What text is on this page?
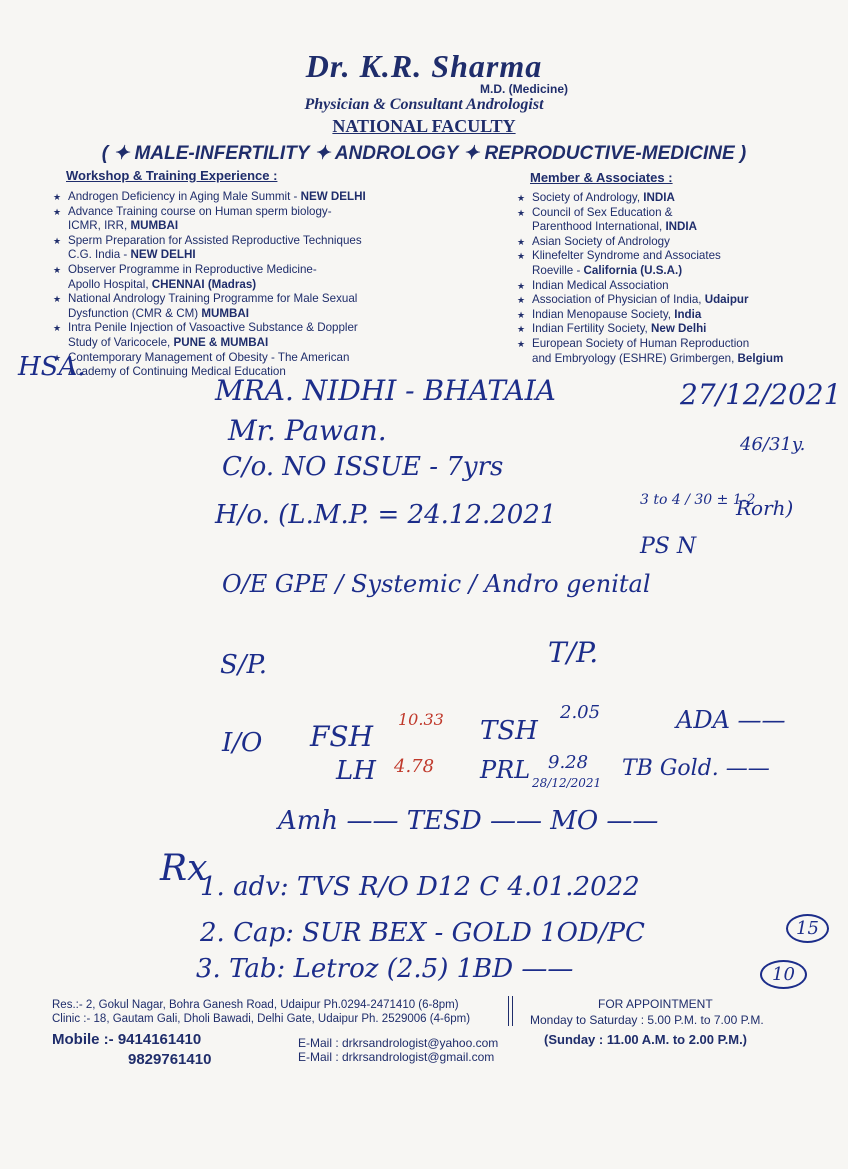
Dr. K.R. Sharma
M.D. (Medicine)
Physician & Consultant Andrologist
NATIONAL FACULTY
( ✦ MALE-INFERTILITY ✦ ANDROLOGY ✦ REPRODUCTIVE-MEDICINE )
Workshop & Training Experience :
★ Androgen Deficiency in Aging Male Summit - NEW DELHI
★ Advance Training course on Human sperm biology-
ICMR, IRR, MUMBAI
★ Sperm Preparation for Assisted Reproductive Techniques
C.G. India - NEW DELHI
★ Observer Programme in Reproductive Medicine-
Apollo Hospital, CHENNAI (Madras)
★ National Andrology Training Programme for Male Sexual
Dysfunction (CMR & CM) MUMBAI
★ Intra Penile Injection of Vasoactive Substance & Doppler
Study of Varicocele, PUNE & MUMBAI
★ Contemporary Management of Obesity - The American
Academy of Continuing Medical Education
Member & Associates :
★ Society of Andrology, INDIA
★ Council of Sex Education &
Parenthood International, INDIA
★ Asian Society of Andrology
★ Klinefelter Syndrome and Associates
Roeville - California (U.S.A.)
★ Indian Medical Association
★ Association of Physician of India, Udaipur
★ Indian Menopause Society, India
★ Indian Fertility Society, New Delhi
★ European Society of Human Reproduction
and Embryology (ESHRE) Grimbergen, Belgium
HSA.
MRA. NIDHI - BHATAIA	27/12/2021
Mr. Pawan.	46/31y.
C/o. NO ISSUE - 7yrs
H/o. (L.M.P. = 24.12.2021	3 to 4 / 30 ± 1-2
Rorh)
O/E GPE / Systemic / Andro genital
PS N
S/P.	T/P.
I/O FSH
10.33 TSH
2.05	ADA ——
LH 4.78 PRL 9.28
28/12/2021
TB Gold. ——
Amh —— TESD —— MO ——
Rx
1. adv: TVS R/O D12 C 4.01.2022
2. Cap: SUR BEX - GOLD 1OD/PC	15
3. Tab: Letroz (2.5) 1BD ——	10
Res.:- 2, Gokul Nagar, Bohra Ganesh Road, Udaipur Ph.0294-2471410 (6-8pm)
Clinic :- 18, Gautam Gali, Dholi Bawadi, Delhi Gate, Udaipur Ph. 2529006 (4-6pm)
Mobile :- 9414161410
9829761410
E-Mail : drkrsandrologist@yahoo.com
E-Mail : drkrsandrologist@gmail.com
FOR APPOINTMENT
Monday to Saturday : 5.00 P.M. to 7.00 P.M.
(Sunday : 11.00 A.M. to 2.00 P.M.)
